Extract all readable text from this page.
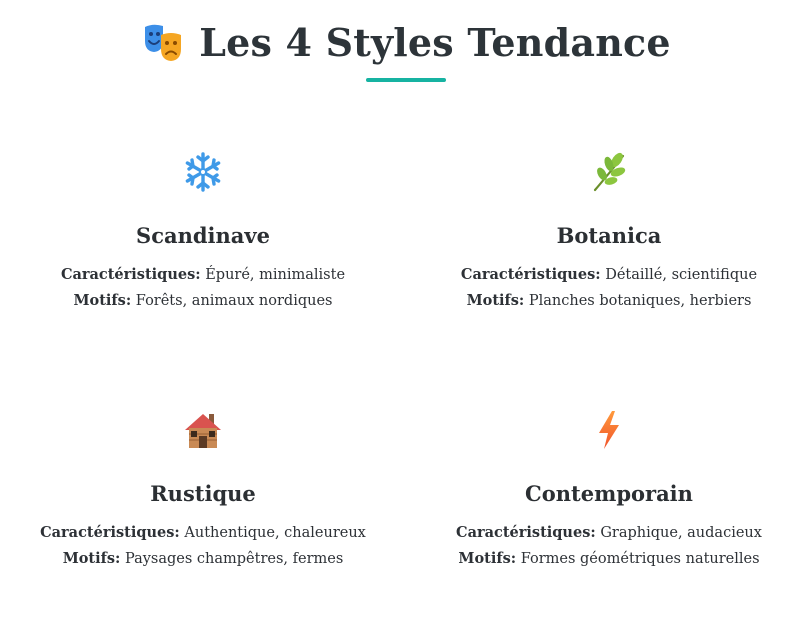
Les 4 Styles Tendance
Scandinave

Caractéristiques: Épuré, minimaliste

Motifs: Forêts, animaux nordiques

Botanica

Caractéristiques: Détaillé, scientifique

Motifs: Planches botaniques, herbiers

Rustique

Caractéristiques: Authentique, chaleureux

Motifs: Paysages champêtres, fermes

Contemporain

Caractéristiques: Graphique, audacieux

Motifs: Formes géométriques naturelles
